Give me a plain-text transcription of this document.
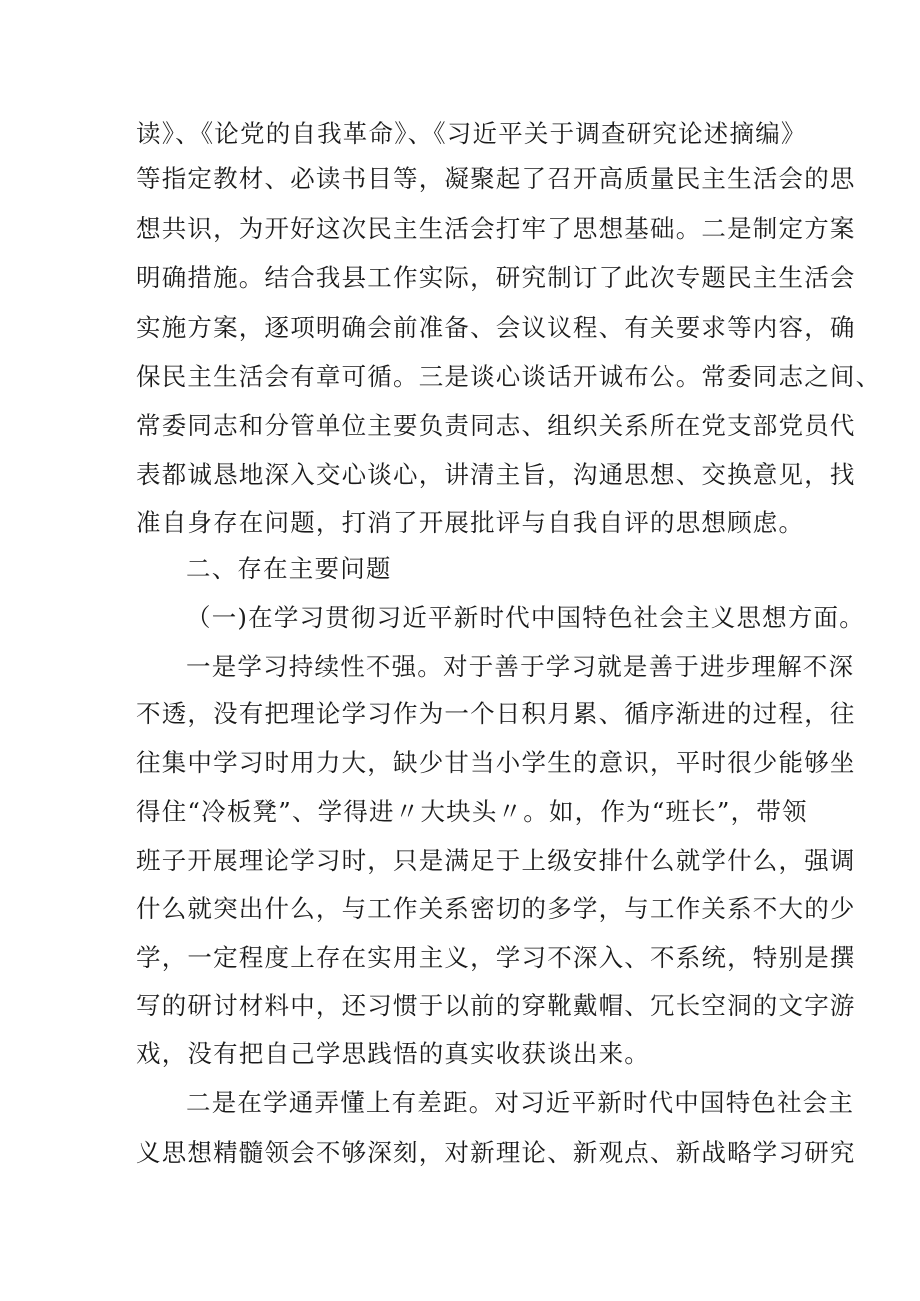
读》、《论党的自我革命》、《习近平关于调查研究论述摘编》
等指定教材、必读书目等，凝聚起了召开高质量民主生活会的思
想共识，为开好这次民主生活会打牢了思想基础。二是制定方案
明确措施。结合我县工作实际，研究制订了此次专题民主生活会
实施方案，逐项明确会前准备、会议议程、有关要求等内容，确
保民主生活会有章可循。三是谈心谈话开诚布公。常委同志之间、
常委同志和分管单位主要负责同志、组织关系所在党支部党员代
表都诚恳地深入交心谈心，讲清主旨，沟通思想、交换意见，找
准自身存在问题，打消了开展批评与自我自评的思想顾虑。
二、存在主要问题
（一)在学习贯彻习近平新时代中国特色社会主义思想方面。
一是学习持续性不强。对于善于学习就是善于进步理解不深
不透，没有把理论学习作为一个日积月累、循序渐进的过程，往
往集中学习时用力大，缺少甘当小学生的意识，平时很少能够坐
得住“冷板凳”、学得进〃大块头〃。如，作为“班长”，带领
班子开展理论学习时，只是满足于上级安排什么就学什么，强调
什么就突出什么，与工作关系密切的多学，与工作关系不大的少
学，一定程度上存在实用主义，学习不深入、不系统，特别是撰
写的研讨材料中，还习惯于以前的穿靴戴帽、冗长空洞的文字游
戏，没有把自己学思践悟的真实收获谈出来。
二是在学通弄懂上有差距。对习近平新时代中国特色社会主
义思想精髓领会不够深刻，对新理论、新观点、新战略学习研究
